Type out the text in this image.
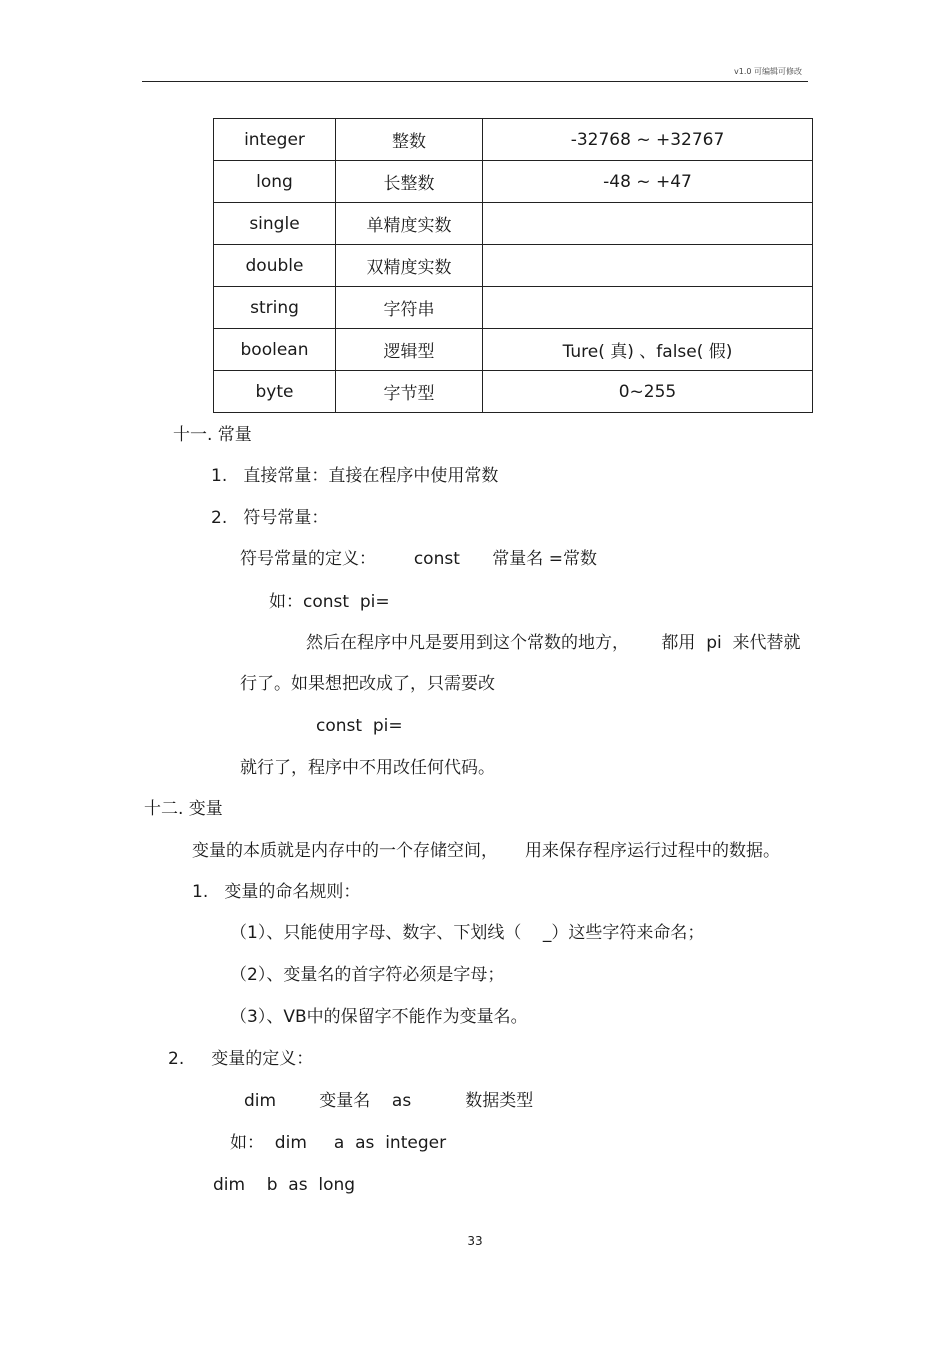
v1.0 可编辑可修改
integer	整数	-32768 ~ +32767
long	长整数	-48 ~ +47
single	单精度实数	
double	双精度实数	
string	字符串	
boolean	逻辑型	Ture( 真) 、false( 假)
byte	字节型	0~255
十一. 常量
1.   直接常量：直接在程序中使用常数
2.   符号常量：
符号常量的定义：       const      常量名 =常数
如：const  pi=
然后在程序中凡是要用到这个常数的地方，      都用  pi  来代替就
行了。如果想把改成了，只需要改
const  pi=
就行了，程序中不用改任何代码。
十二. 变量
变量的本质就是内存中的一个存储空间，     用来保存程序运行过程中的数据。
1.   变量的命名规则：
（1）、只能使用字母、数字、下划线（    _）这些字符来命名；
（2）、变量名的首字符必须是字母；
（3）、VB中的保留字不能作为变量名。
2.     变量的定义：
dim        变量名    as          数据类型
如：  dim     a  as  integer
dim    b  as  long
33
